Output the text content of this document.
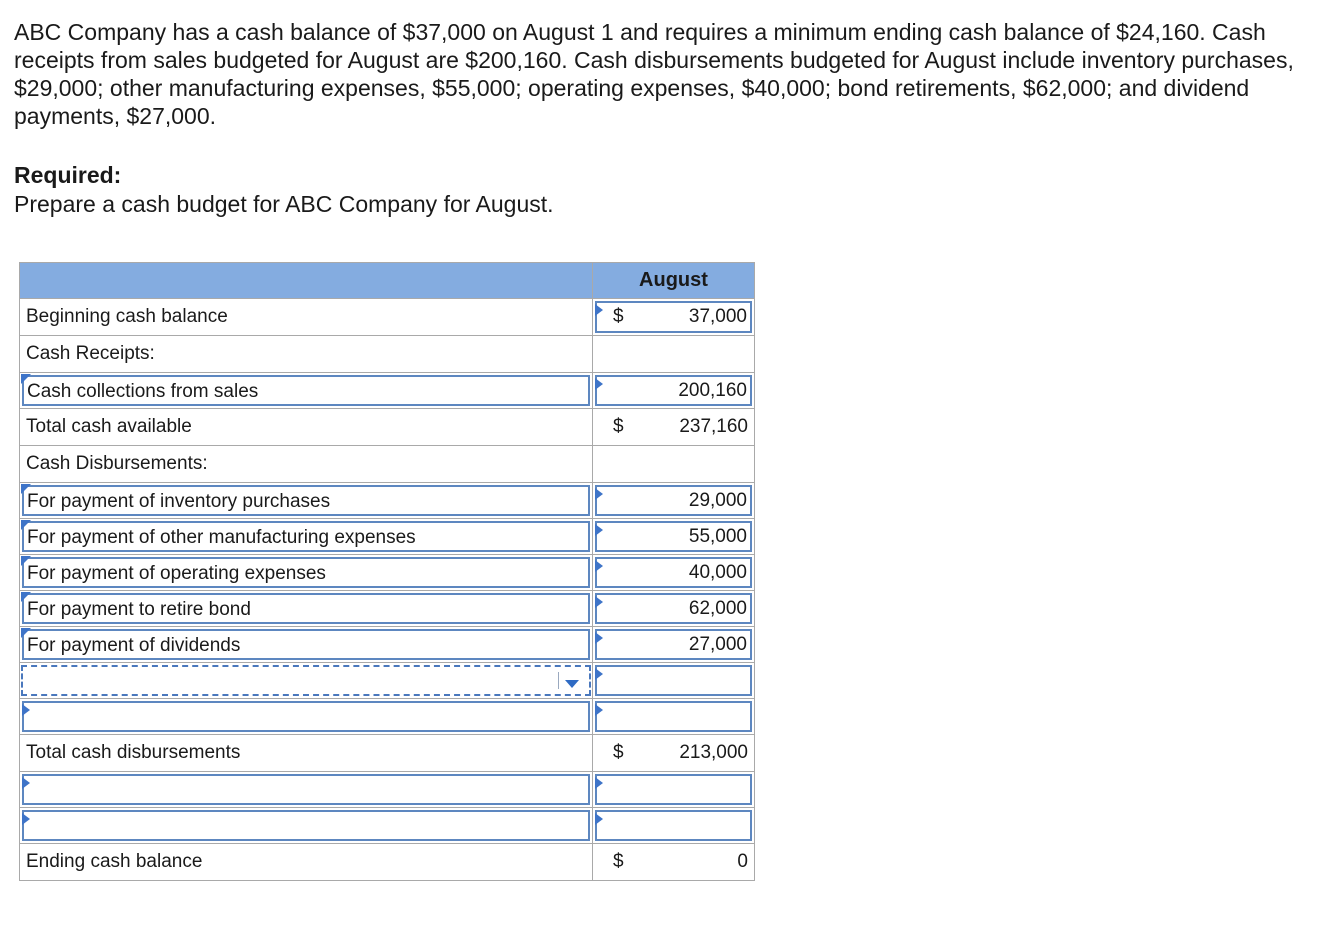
ABC Company has a cash balance of $37,000 on August 1 and requires a minimum ending cash balance of $24,160. Cash receipts from sales budgeted for August are $200,160. Cash disbursements budgeted for August include inventory purchases, $29,000; other manufacturing expenses, $55,000; operating expenses, $40,000; bond retirements, $62,000; and dividend payments, $27,000.

Required:

Prepare a cash budget for ABC Company for August.

	August

Beginning cash balance	$ 37,000

Cash Receipts:	

Cash collections from sales	200,160

Total cash available	$ 237,160

Cash Disbursements:	

For payment of inventory purchases	29,000

For payment of other manufacturing expenses	55,000

For payment of operating expenses	40,000

For payment to retire bond	62,000

For payment of dividends	27,000

Total cash disbursements	$ 213,000

Ending cash balance	$ 0
